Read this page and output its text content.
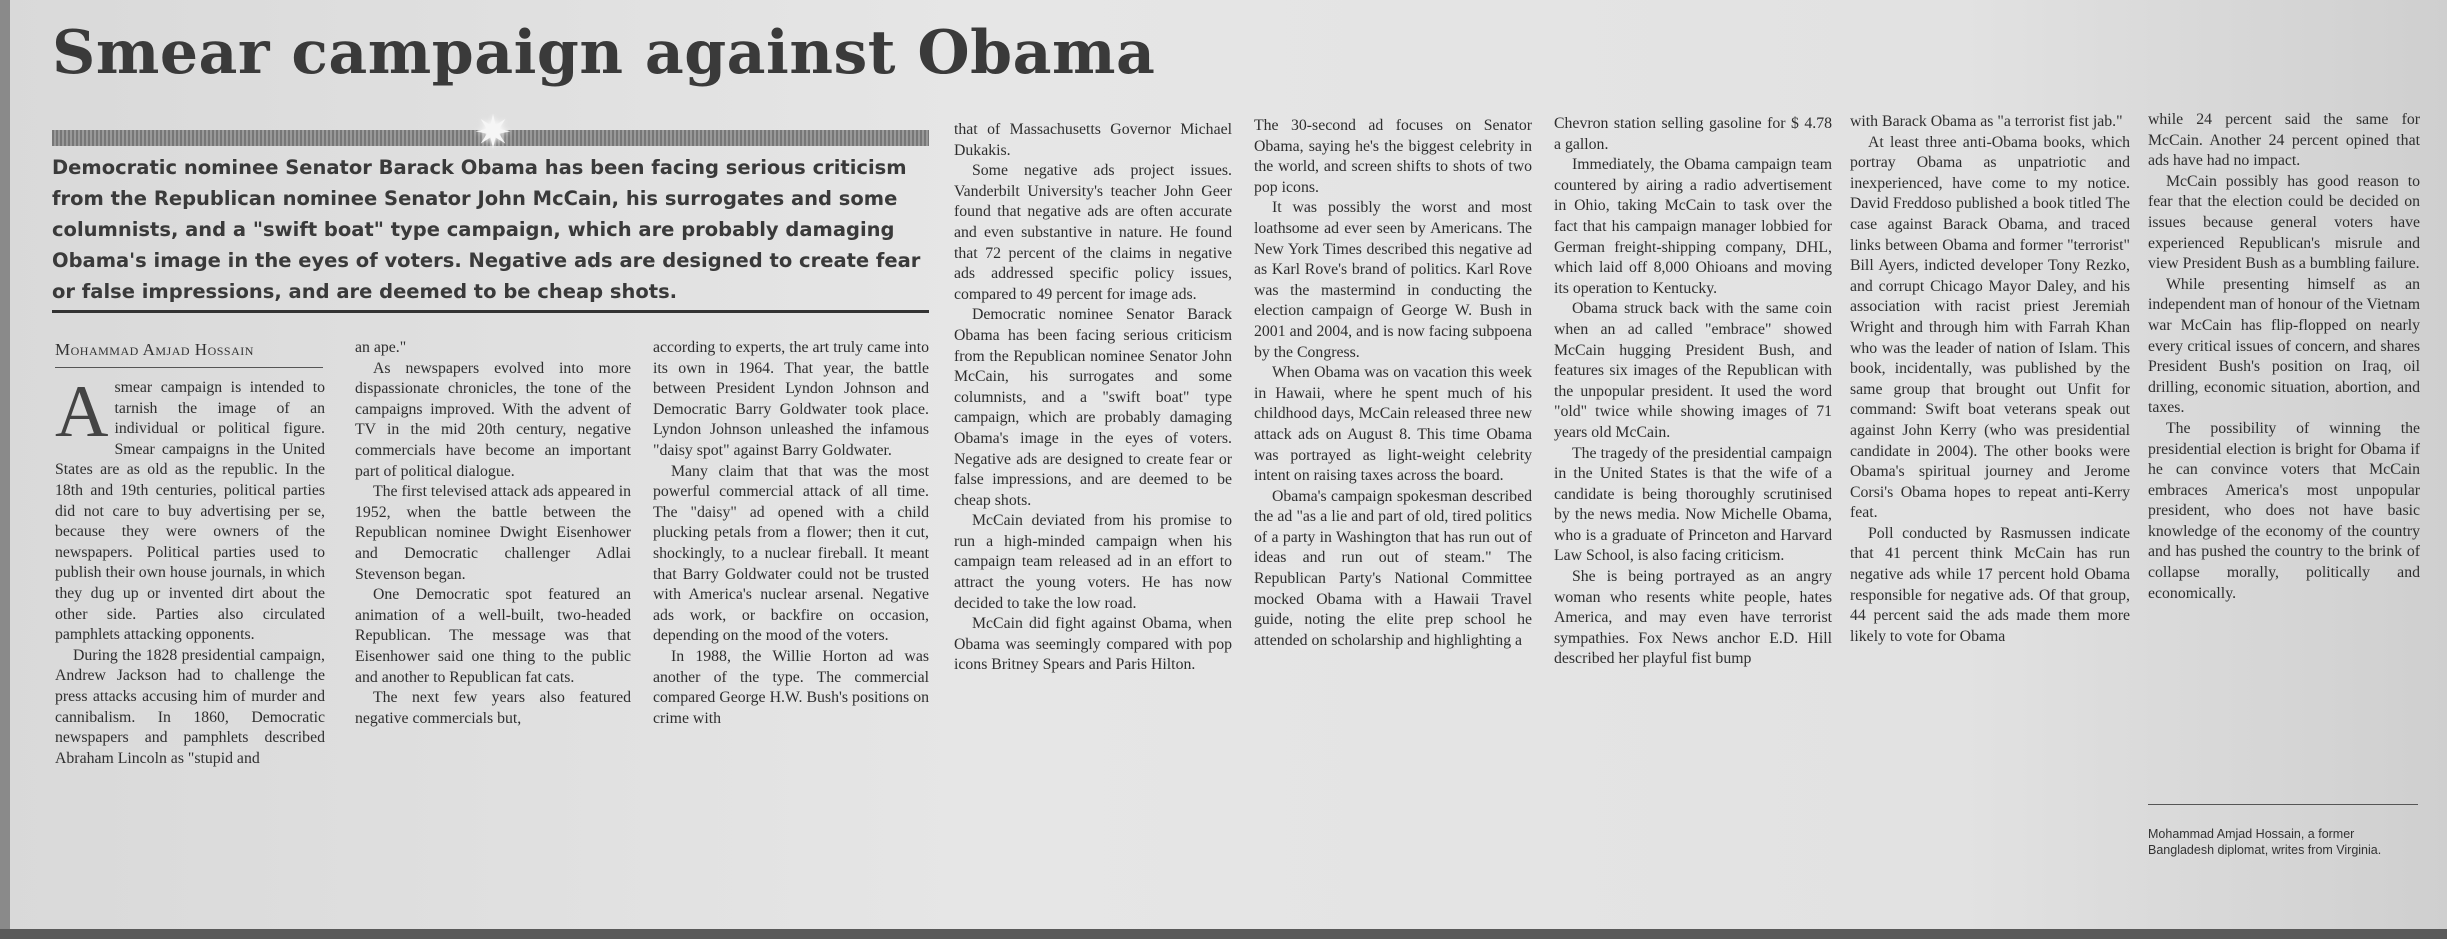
Smear campaign against Obama
✷

Democratic nominee Senator Barack Obama has been facing serious criticism from the Republican nominee Senator John McCain, his surrogates and some columnists, and a "swift boat" type campaign, which are probably damaging Obama's image in the eyes of voters. Negative ads are designed to create fear or false impressions, and are deemed to be cheap shots.

Mohammad Amjad Hossain
A smear campaign is intended to tarnish the image of an individual or political figure. Smear campaigns in the United States are as old as the republic. In the 18th and 19th centuries, political parties did not care to buy advertising per se, because they were owners of the newspapers. Political parties used to publish their own house journals, in which they dug up or invented dirt about the other side. Parties also circulated pamphlets attacking opponents.

During the 1828 presidential campaign, Andrew Jackson had to challenge the press attacks accusing him of murder and cannibalism. In 1860, Democratic newspapers and pamphlets described Abraham Lincoln as "stupid and

an ape."

As newspapers evolved into more dispassionate chronicles, the tone of the campaigns improved. With the advent of TV in the mid 20th century, negative commercials have become an important part of political dialogue.

The first televised attack ads appeared in 1952, when the battle between the Republican nominee Dwight Eisenhower and Democratic challenger Adlai Stevenson began.

One Democratic spot featured an animation of a well-built, two-headed Republican. The message was that Eisenhower said one thing to the public and another to Republican fat cats.

The next few years also featured negative commercials but,

according to experts, the art truly came into its own in 1964. That year, the battle between President Lyndon Johnson and Democratic Barry Goldwater took place. Lyndon Johnson unleashed the infamous "daisy spot" against Barry Goldwater.

Many claim that that was the most powerful commercial attack of all time. The "daisy" ad opened with a child plucking petals from a flower; then it cut, shockingly, to a nuclear fireball. It meant that Barry Goldwater could not be trusted with America's nuclear arsenal. Negative ads work, or backfire on occasion, depending on the mood of the voters.

In 1988, the Willie Horton ad was another of the type. The commercial compared George H.W. Bush's positions on crime with

that of Massachusetts Governor Michael Dukakis.

Some negative ads project issues. Vanderbilt University's teacher John Geer found that negative ads are often accurate and even substantive in nature. He found that 72 percent of the claims in negative ads addressed specific policy issues, compared to 49 percent for image ads.

Democratic nominee Senator Barack Obama has been facing serious criticism from the Republican nominee Senator John McCain, his surrogates and some columnists, and a "swift boat" type campaign, which are probably damaging Obama's image in the eyes of voters. Negative ads are designed to create fear or false impressions, and are deemed to be cheap shots.

McCain deviated from his promise to run a high-minded campaign when his campaign team released ad in an effort to attract the young voters. He has now decided to take the low road.

McCain did fight against Obama, when Obama was seemingly compared with pop icons Britney Spears and Paris Hilton.

The 30-second ad focuses on Senator Obama, saying he's the biggest celebrity in the world, and screen shifts to shots of two pop icons.

It was possibly the worst and most loathsome ad ever seen by Americans. The New York Times described this negative ad as Karl Rove's brand of politics. Karl Rove was the mastermind in conducting the election campaign of George W. Bush in 2001 and 2004, and is now facing subpoena by the Congress.

When Obama was on vacation this week in Hawaii, where he spent much of his childhood days, McCain released three new attack ads on August 8. This time Obama was portrayed as light-weight celebrity intent on raising taxes across the board.

Obama's campaign spokesman described the ad "as a lie and part of old, tired politics of a party in Washington that has run out of ideas and run out of steam." The Republican Party's National Committee mocked Obama with a Hawaii Travel guide, noting the elite prep school he attended on scholarship and highlighting a

Chevron station selling gasoline for $ 4.78 a gallon.

Immediately, the Obama campaign team countered by airing a radio advertisement in Ohio, taking McCain to task over the fact that his campaign manager lobbied for German freight-shipping company, DHL, which laid off 8,000 Ohioans and moving its operation to Kentucky.

Obama struck back with the same coin when an ad called "embrace" showed McCain hugging President Bush, and features six images of the Republican with the unpopular president. It used the word "old" twice while showing images of 71 years old McCain.

The tragedy of the presidential campaign in the United States is that the wife of a candidate is being thoroughly scrutinised by the news media. Now Michelle Obama, who is a graduate of Princeton and Harvard Law School, is also facing criticism.

She is being portrayed as an angry woman who resents white people, hates America, and may even have terrorist sympathies. Fox News anchor E.D. Hill described her playful fist bump

with Barack Obama as "a terrorist fist jab."

At least three anti-Obama books, which portray Obama as unpatriotic and inexperienced, have come to my notice. David Freddoso published a book titled The case against Barack Obama, and traced links between Obama and former "terrorist" Bill Ayers, indicted developer Tony Rezko, and corrupt Chicago Mayor Daley, and his association with racist priest Jeremiah Wright and through him with Farrah Khan who was the leader of nation of Islam. This book, incidentally, was published by the same group that brought out Unfit for command: Swift boat veterans speak out against John Kerry (who was presidential candidate in 2004). The other books were Obama's spiritual journey and Jerome Corsi's Obama hopes to repeat anti-Kerry feat.

Poll conducted by Rasmussen indicate that 41 percent think McCain has run negative ads while 17 percent hold Obama responsible for negative ads. Of that group, 44 percent said the ads made them more likely to vote for Obama

while 24 percent said the same for McCain. Another 24 percent opined that ads have had no impact.

McCain possibly has good reason to fear that the election could be decided on issues because general voters have experienced Republican's misrule and view President Bush as a bumbling failure.

While presenting himself as an independent man of honour of the Vietnam war McCain has flip-flopped on nearly every critical issues of concern, and shares President Bush's position on Iraq, oil drilling, economic situation, abortion, and taxes.

The possibility of winning the presidential election is bright for Obama if he can convince voters that McCain embraces America's most unpopular president, who does not have basic knowledge of the economy of the country and has pushed the country to the brink of collapse morally, politically and economically.

Mohammad Amjad Hossain, a former Bangladesh diplomat, writes from Virginia.
